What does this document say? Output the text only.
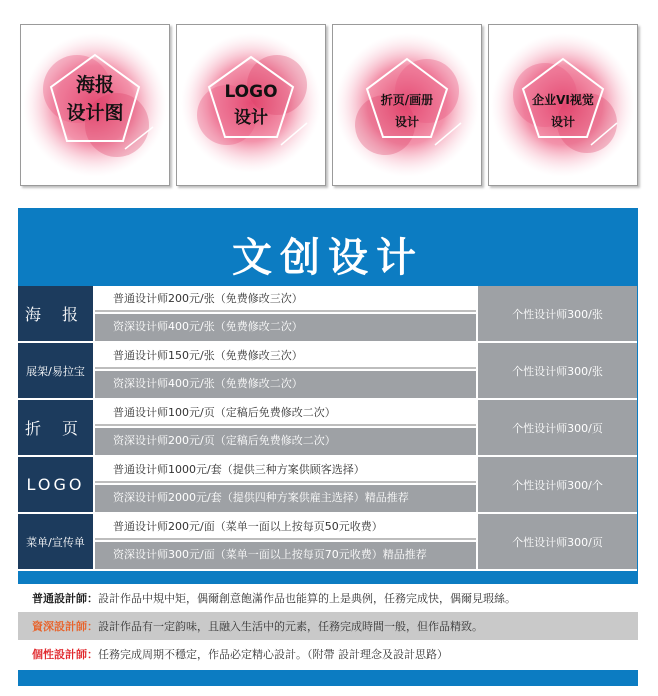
海报
设计图
LOGO
设计
折页/画册
设计
企业VI视觉
设计
文创设计
海 报
普通设计师200元/张（免费修改三次）
资深设计师400元/张（免费修改二次）
个性设计师300/张
展架/易拉宝
普通设计师150元/张（免费修改三次）
资深设计师400元/张（免费修改二次）
个性设计师300/张
折 页
普通设计师100元/页（定稿后免费修改二次）
资深设计师200元/页（定稿后免费修改二次）
个性设计师300/页
LOGO
普通设计师1000元/套（提供三种方案供顾客选择）
资深设计师2000元/套（提供四种方案供雇主选择）精品推荐
个性设计师300/个
菜单/宣传单
普通设计师200元/面（菜单一面以上按每页50元收费）
资深设计师300元/面（菜单一面以上按每页70元收费）精品推荐
个性设计师300/页
普通設計師：設計作品中規中矩，偶爾創意飽滿作品也能算的上是典例，任務完成快，偶爾見瑕絲。
資深設計師：設計作品有一定韵味，且融入生活中的元素，任務完成時間一般，但作品精致。
個性設計師：任務完成周期不穩定，作品必定精心設計。（附帶 設計理念及設計思路）
